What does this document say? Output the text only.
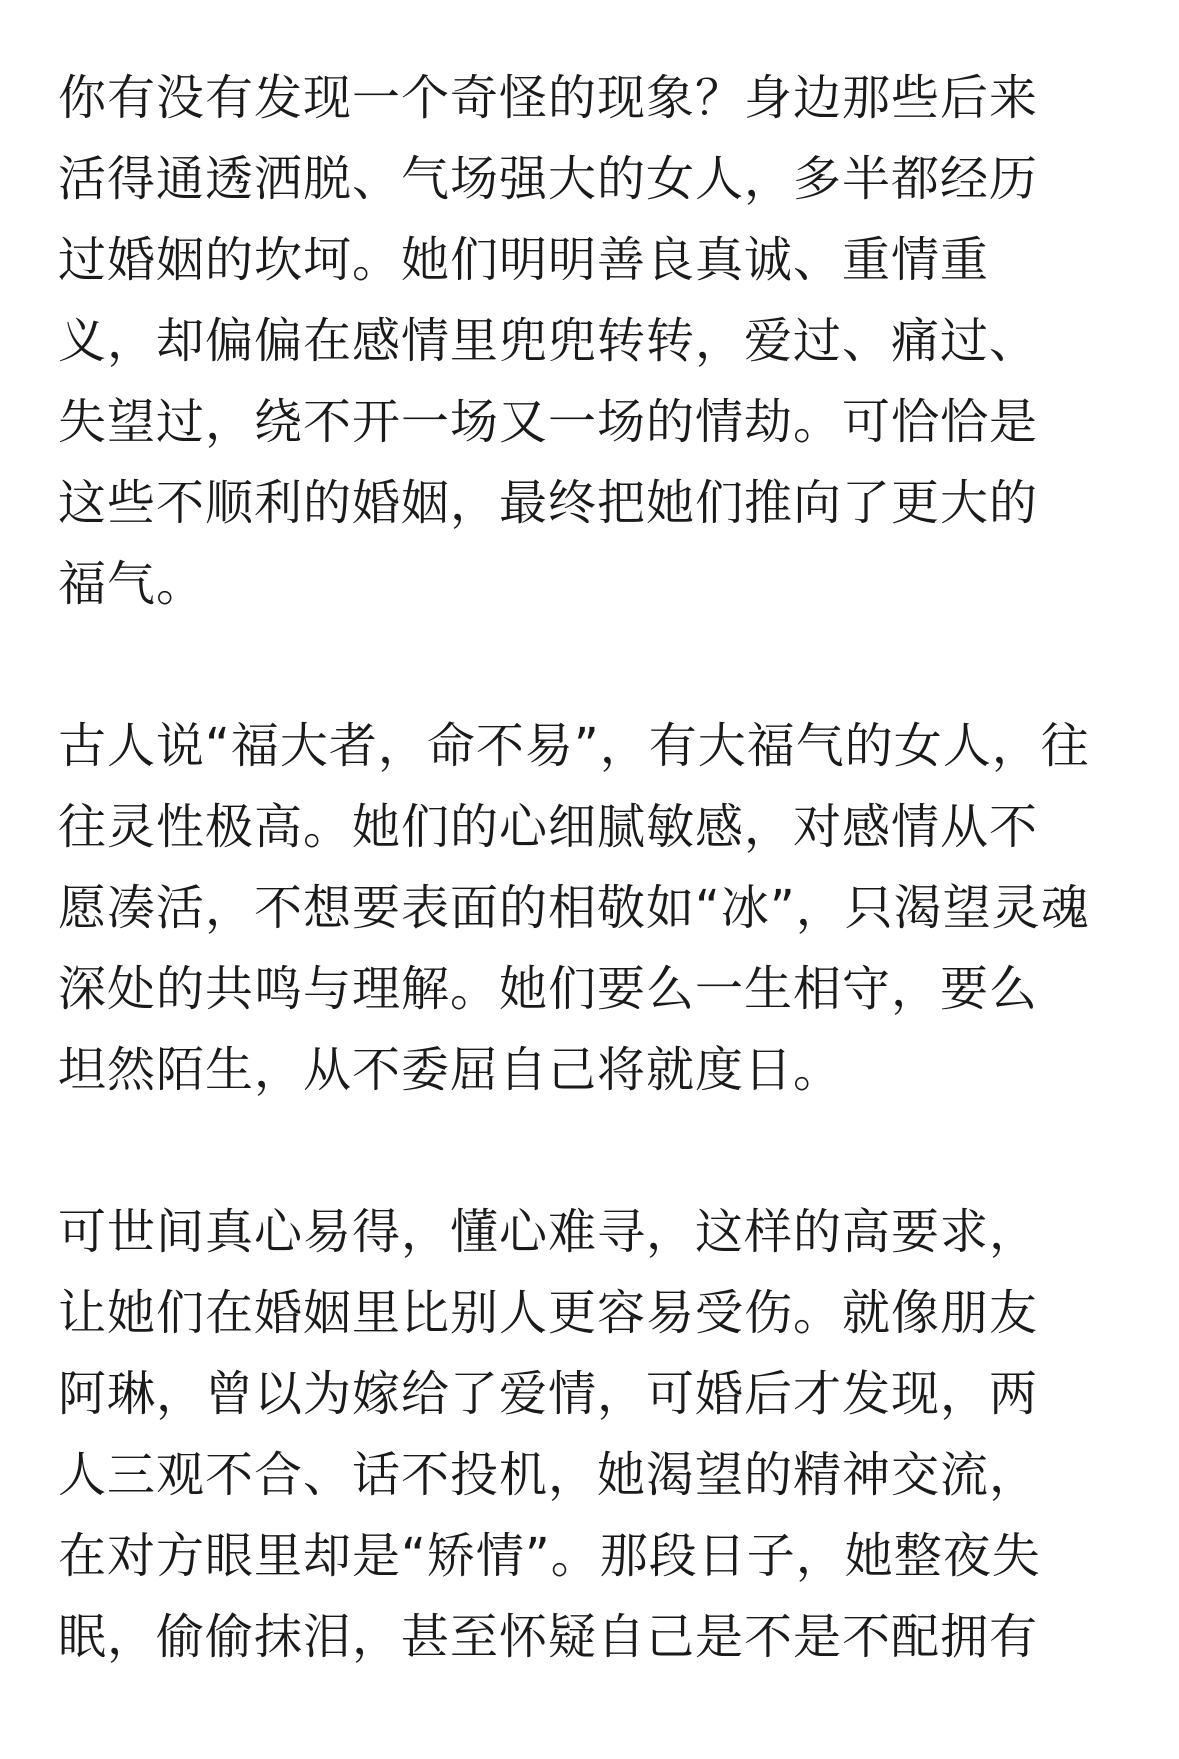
你有没有发现一个奇怪的现象？身边那些后来
活得通透洒脱、气场强大的女人，多半都经历
过婚姻的坎坷。她们明明善良真诚、重情重
义，却偏偏在感情里兜兜转转，爱过、痛过、
失望过，绕不开一场又一场的情劫。可恰恰是
这些不顺利的婚姻，最终把她们推向了更大的
福气。
古人说“福大者，命不易”，有大福气的女人，往
往灵性极高。她们的心细腻敏感，对感情从不
愿凑活，不想要表面的相敬如“冰”，只渴望灵魂
深处的共鸣与理解。她们要么一生相守，要么
坦然陌生，从不委屈自己将就度日。
可世间真心易得，懂心难寻，这样的高要求，
让她们在婚姻里比别人更容易受伤。就像朋友
阿琳，曾以为嫁给了爱情，可婚后才发现，两
人三观不合、话不投机，她渴望的精神交流，
在对方眼里却是“矫情”。那段日子，她整夜失
眠，偷偷抹泪，甚至怀疑自己是不是不配拥有
